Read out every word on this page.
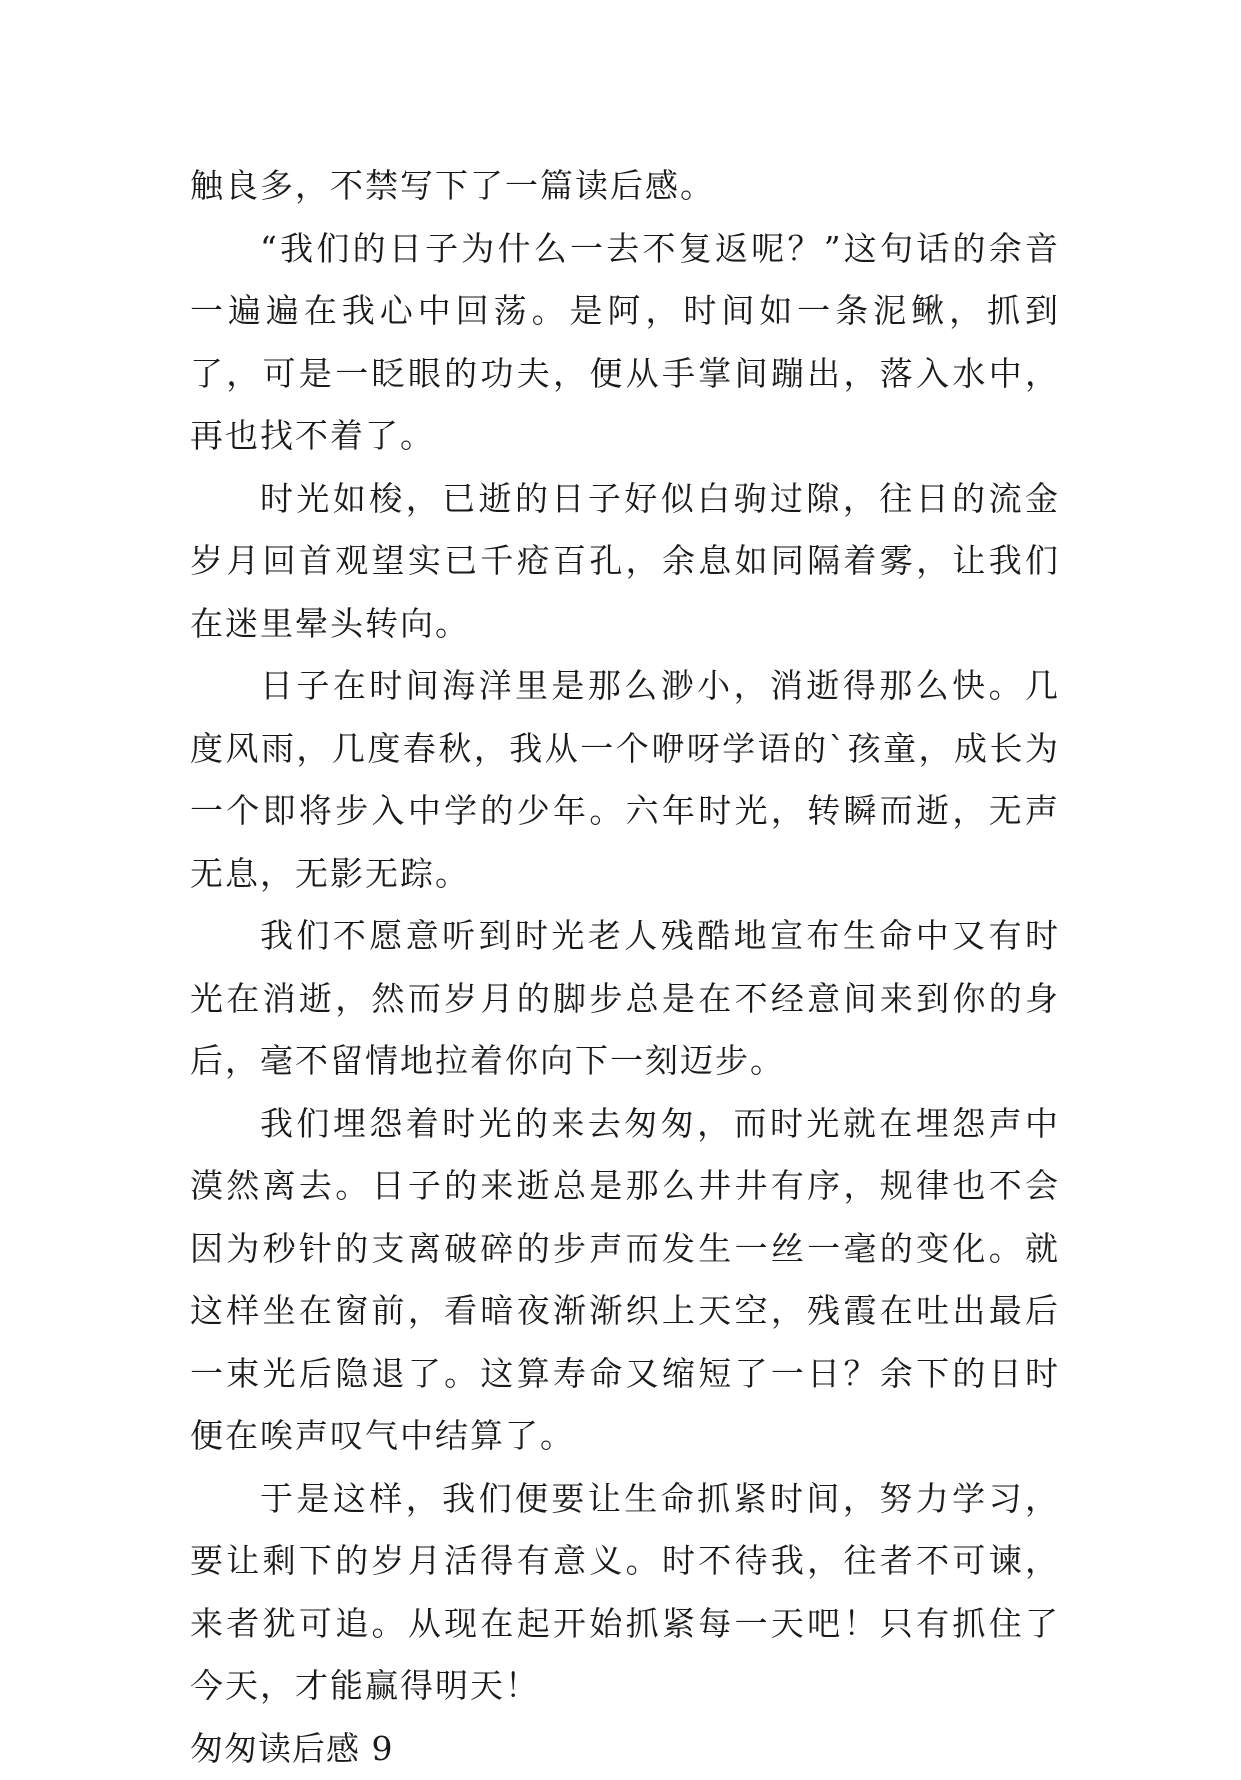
触良多，不禁写下了一篇读后感。

“我们的日子为什么一去不复返呢？”这句话的余音一遍遍在我心中回荡。是阿，时间如一条泥鳅，抓到了，可是一眨眼的功夫，便从手掌间蹦出，落入水中，再也找不着了。

时光如梭，已逝的日子好似白驹过隙，往日的流金岁月回首观望实已千疮百孔，余息如同隔着雾，让我们在迷里晕头转向。

日子在时间海洋里是那么渺小，消逝得那么快。几度风雨，几度春秋，我从一个咿呀学语的`孩童，成长为一个即将步入中学的少年。六年时光，转瞬而逝，无声无息，无影无踪。

我们不愿意听到时光老人残酷地宣布生命中又有时光在消逝，然而岁月的脚步总是在不经意间来到你的身后，毫不留情地拉着你向下一刻迈步。

我们埋怨着时光的来去匆匆，而时光就在埋怨声中漠然离去。日子的来逝总是那么井井有序，规律也不会因为秒针的支离破碎的步声而发生一丝一毫的变化。就这样坐在窗前，看暗夜渐渐织上天空，残霞在吐出最后一束光后隐退了。这算寿命又缩短了一日？余下的日时便在唉声叹气中结算了。

于是这样，我们便要让生命抓紧时间，努力学习，要让剩下的岁月活得有意义。时不待我，往者不可谏，来者犹可追。从现在起开始抓紧每一天吧！只有抓住了今天，才能赢得明天！

匆匆读后感 9
